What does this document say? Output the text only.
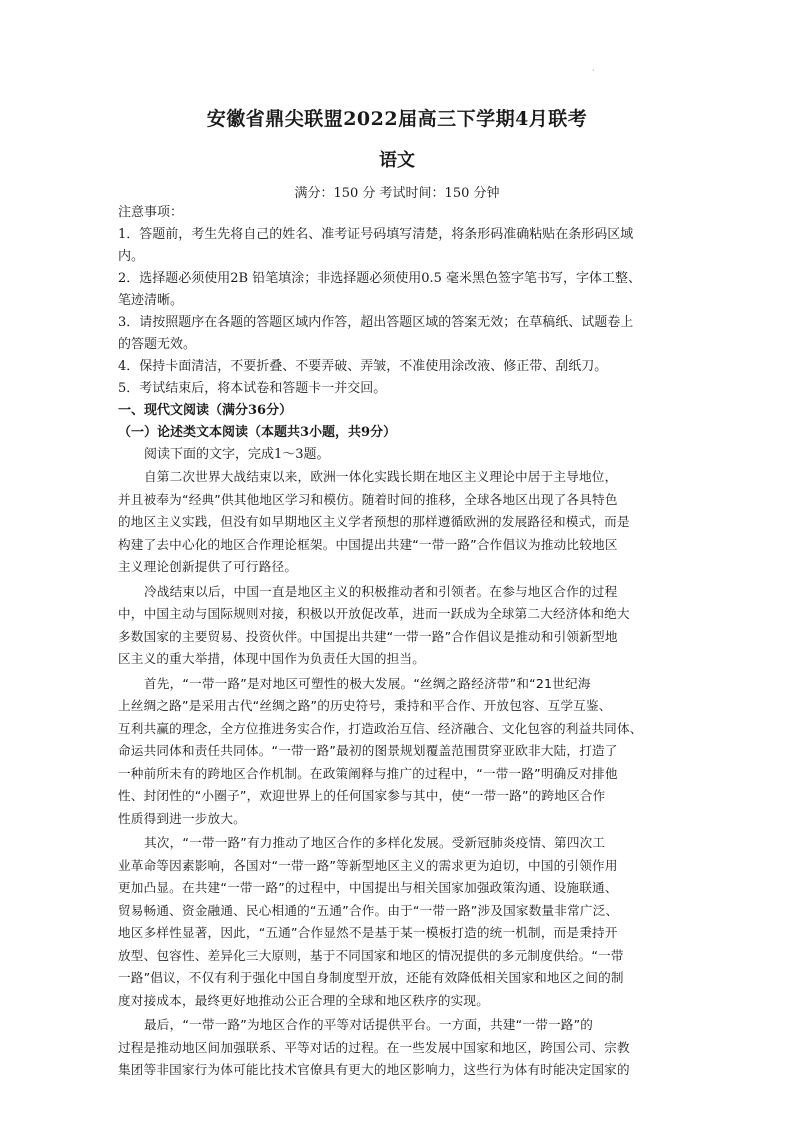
·
安徽省鼎尖联盟2022届高三下学期4月联考
语文
满分：150 分 考试时间：150 分钟

注意事项：

1．答题前，考生先将自己的姓名、准考证号码填写清楚，将条形码准确粘贴在条形码区域

内。

2．选择题必须使用2B 铅笔填涂；非选择题必须使用0.5 毫米黑色签字笔书写，字体工整、

笔迹清晰。

3．请按照题序在各题的答题区域内作答，超出答题区域的答案无效；在草稿纸、试题卷上

的答题无效。

4．保持卡面清洁，不要折叠、不要弄破、弄皱，不准使用涂改液、修正带、刮纸刀。

5．考试结束后，将本试卷和答题卡一并交回。

一、现代文阅读（满分36分）

（一）论述类文本阅读（本题共3小题，共9分）

阅读下面的文字，完成1～3题。

自第二次世界大战结束以来，欧洲一体化实践长期在地区主义理论中居于主导地位，

并且被奉为“经典”供其他地区学习和模仿。随着时间的推移，全球各地区出现了各具特色

的地区主义实践，但没有如早期地区主义学者预想的那样遵循欧洲的发展路径和模式，而是

构建了去中心化的地区合作理论框架。中国提出共建“一带一路”合作倡议为推动比较地区

主义理论创新提供了可行路径。

冷战结束以后，中国一直是地区主义的积极推动者和引领者。在参与地区合作的过程

中，中国主动与国际规则对接，积极以开放促改革，进而一跃成为全球第二大经济体和绝大

多数国家的主要贸易、投资伙伴。中国提出共建“一带一路”合作倡议是推动和引领新型地

区主义的重大举措，体现中国作为负责任大国的担当。

首先，“一带一路”是对地区可塑性的极大发展。“丝绸之路经济带”和“21世纪海

上丝绸之路”是采用古代“丝绸之路”的历史符号，秉持和平合作、开放包容、互学互鉴、

互利共赢的理念，全方位推进务实合作，打造政治互信、经济融合、文化包容的利益共同体、

命运共同体和责任共同体。“一带一路”最初的图景规划覆盖范围贯穿亚欧非大陆，打造了

一种前所未有的跨地区合作机制。在政策阐释与推广的过程中，“一带一路”明确反对排他

性、封闭性的“小圈子”，欢迎世界上的任何国家参与其中，使“一带一路”的跨地区合作

性质得到进一步放大。

其次，“一带一路”有力推动了地区合作的多样化发展。受新冠肺炎疫情、第四次工

业革命等因素影响，各国对“一带一路”等新型地区主义的需求更为迫切，中国的引领作用

更加凸显。在共建“一带一路”的过程中，中国提出与相关国家加强政策沟通、设施联通、

贸易畅通、资金融通、民心相通的“五通”合作。由于“一带一路”涉及国家数量非常广泛、

地区多样性显著，因此，“五通”合作显然不是基于某一模板打造的统一机制，而是秉持开

放型、包容性、差异化三大原则，基于不同国家和地区的情况提供的多元制度供给。“一带

一路”倡议，不仅有利于强化中国自身制度型开放，还能有效降低相关国家和地区之间的制

度对接成本，最终更好地推动公正合理的全球和地区秩序的实现。

最后，“一带一路”为地区合作的平等对话提供平台。一方面，共建“一带一路”的

过程是推动地区间加强联系、平等对话的过程。在一些发展中国家和地区，跨国公司、宗教

集团等非国家行为体可能比技术官僚具有更大的地区影响力，这些行为体有时能决定国家的
